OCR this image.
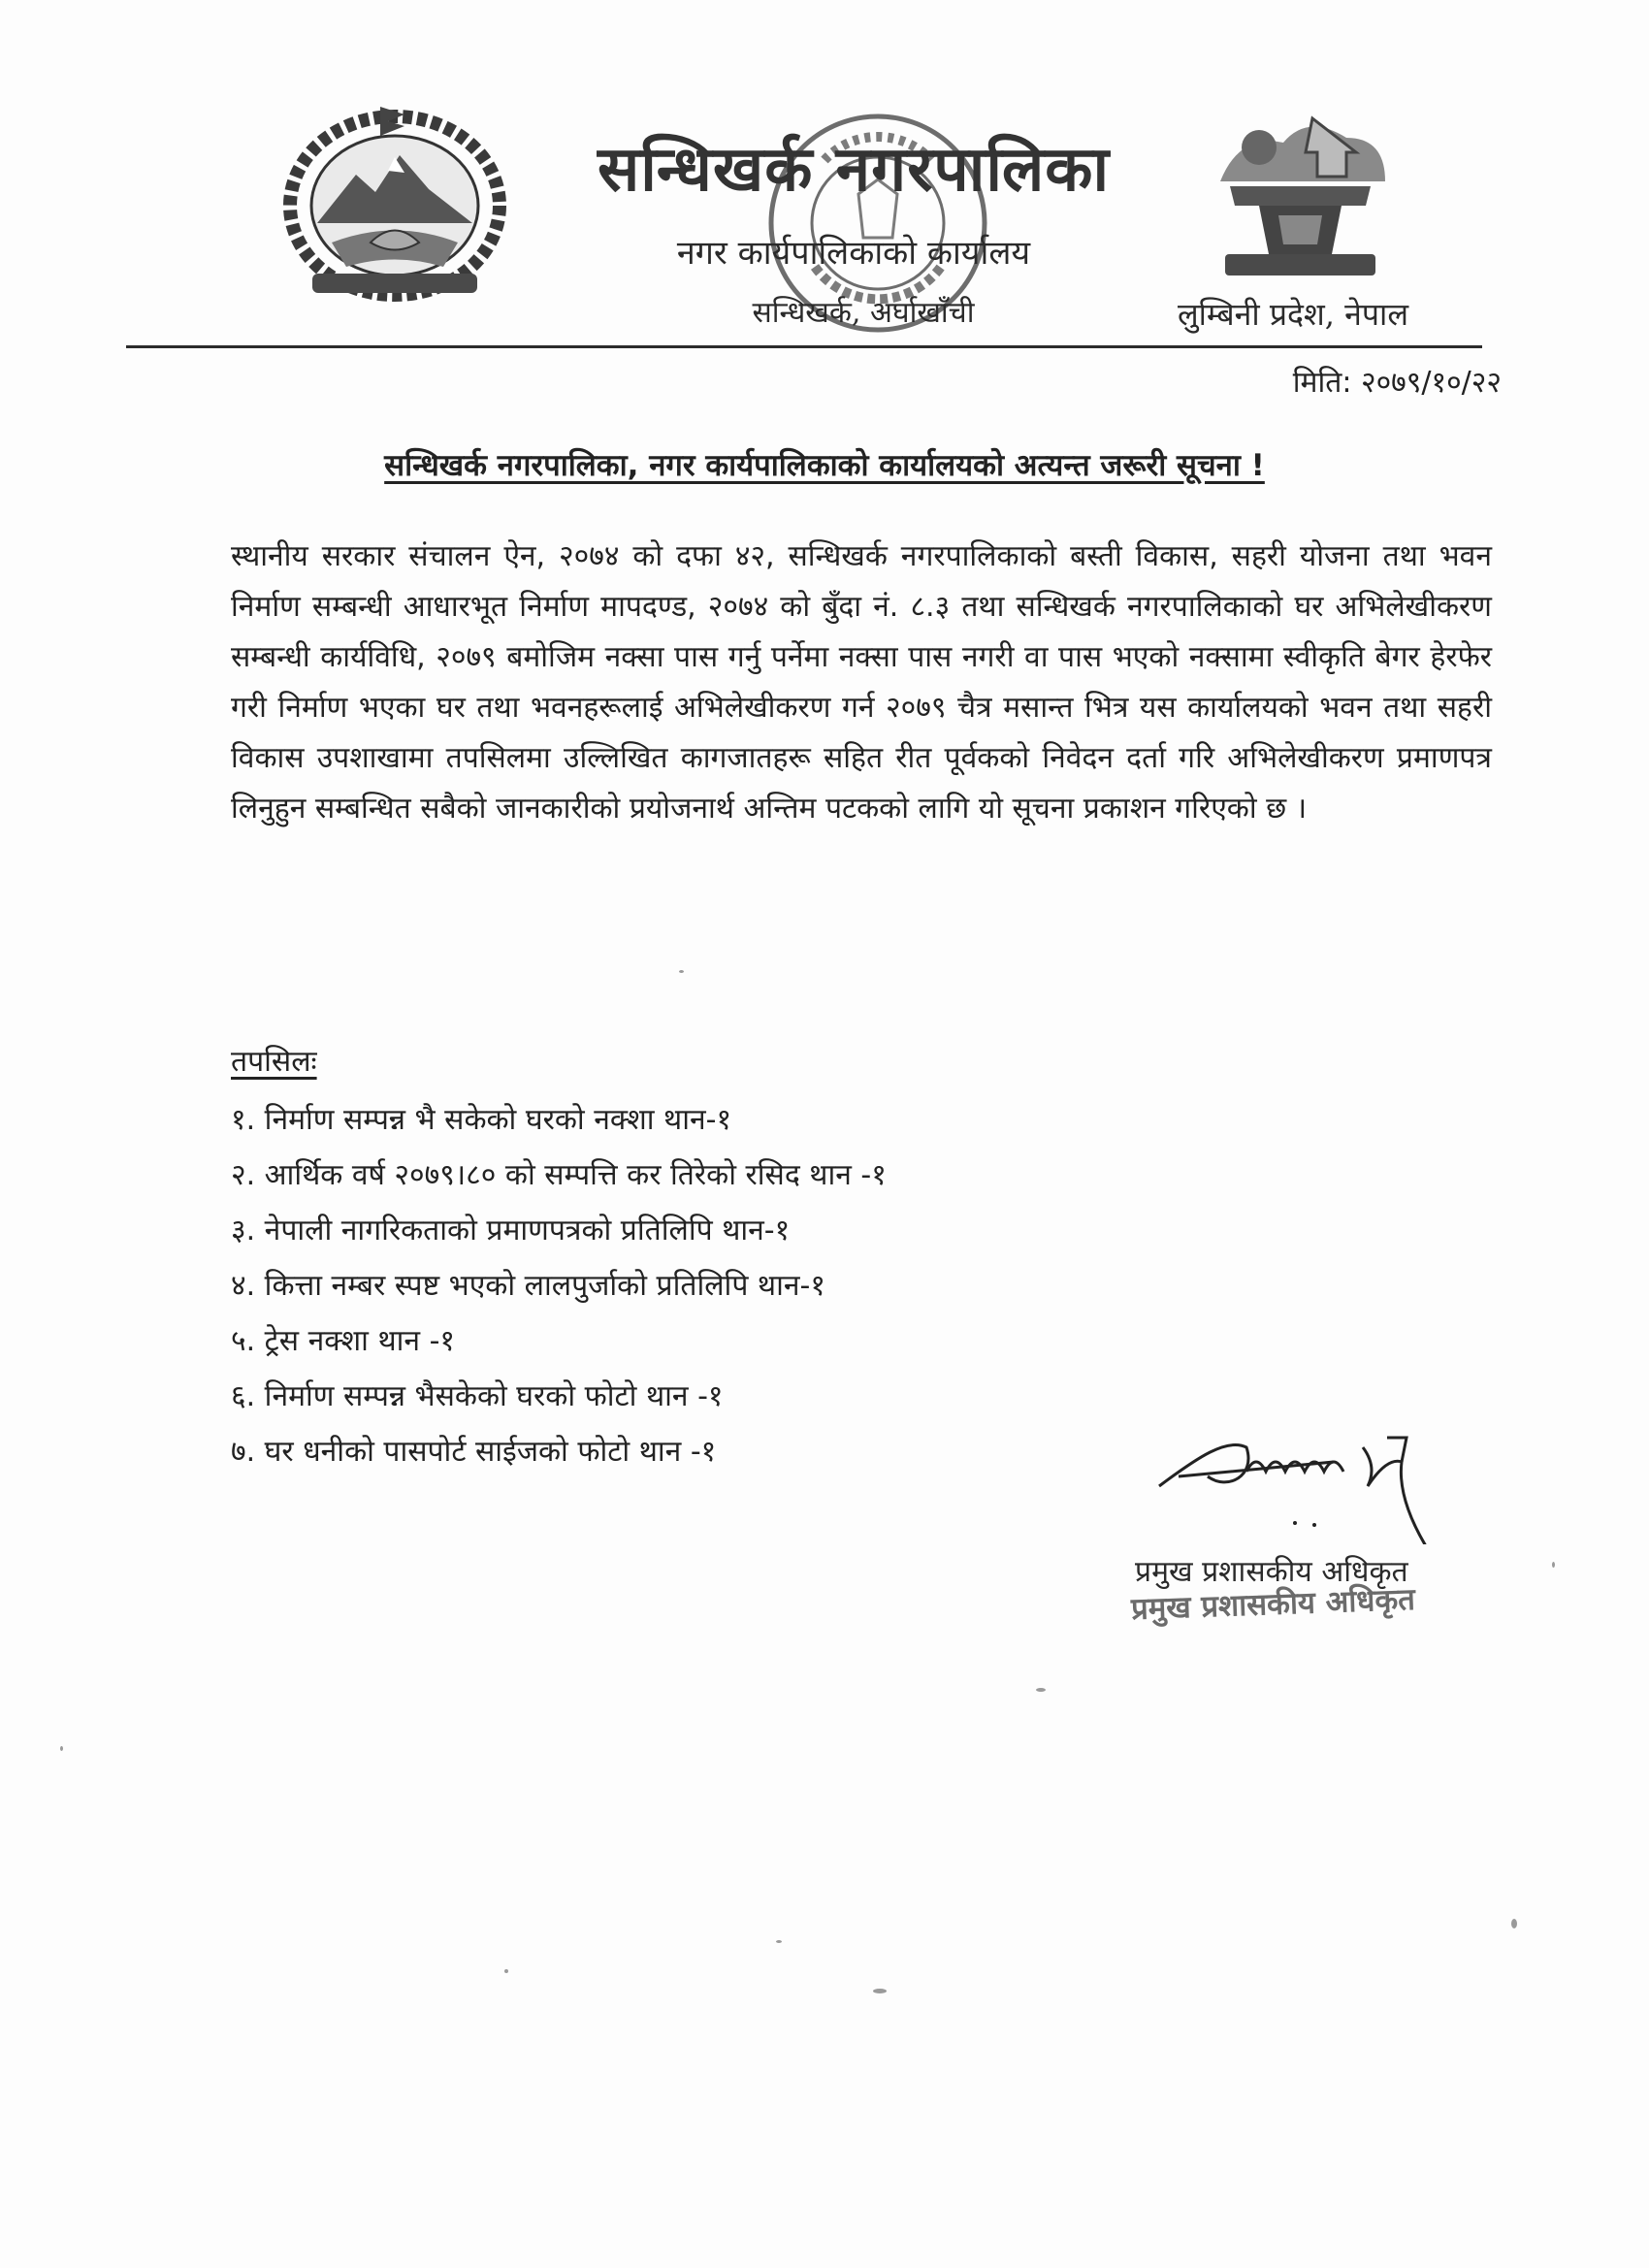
सन्धिखर्क नगरपालिका
नगर कार्यपालिकाको कार्यालय
सन्धिखर्क, अर्घाखाँची	लुम्बिनी प्रदेश, नेपाल
मिति: २०७९/१०/२२
सन्धिखर्क नगरपालिका, नगर कार्यपालिकाको कार्यालयको अत्यन्त जरूरी सूचना !
स्थानीय सरकार संचालन ऐन, २०७४ को दफा ४२, सन्धिखर्क नगरपालिकाको बस्ती विकास, सहरी योजना तथा भवन निर्माण सम्बन्धी आधारभूत निर्माण मापदण्ड, २०७४ को बुँदा नं. ८.३ तथा सन्धिखर्क नगरपालिकाको घर अभिलेखीकरण सम्बन्धी कार्यविधि, २०७९ बमोजिम नक्सा पास गर्नु पर्नेमा नक्सा पास नगरी वा पास भएको नक्सामा स्वीकृति बेगर हेरफेर गरी निर्माण भएका घर तथा भवनहरूलाई अभिलेखीकरण गर्न २०७९ चैत्र मसान्त भित्र यस कार्यालयको भवन तथा सहरी विकास उपशाखामा तपसिलमा उल्लिखित कागजातहरू सहित रीत पूर्वकको निवेदन दर्ता गरि अभिलेखीकरण प्रमाणपत्र लिनुहुन सम्बन्धित सबैको जानकारीको प्रयोजनार्थ अन्तिम पटकको लागि यो सूचना प्रकाशन गरिएको छ ।
तपसिलः
१. निर्माण सम्पन्न भै सकेको घरको नक्शा थान-१
२. आर्थिक वर्ष २०७९।८० को सम्पत्ति कर तिरेको रसिद थान -१
३. नेपाली नागरिकताको प्रमाणपत्रको प्रतिलिपि थान-१
४. कित्ता नम्बर स्पष्ट भएको लालपुर्जाको प्रतिलिपि थान-१
५. ट्रेस नक्शा थान -१
६. निर्माण सम्पन्न भैसकेको घरको फोटो थान -१
७. घर धनीको पासपोर्ट साईजको फोटो थान -१
प्रमुख प्रशासकीय अधिकृत
प्रमुख प्रशासकीय अधिकृत
